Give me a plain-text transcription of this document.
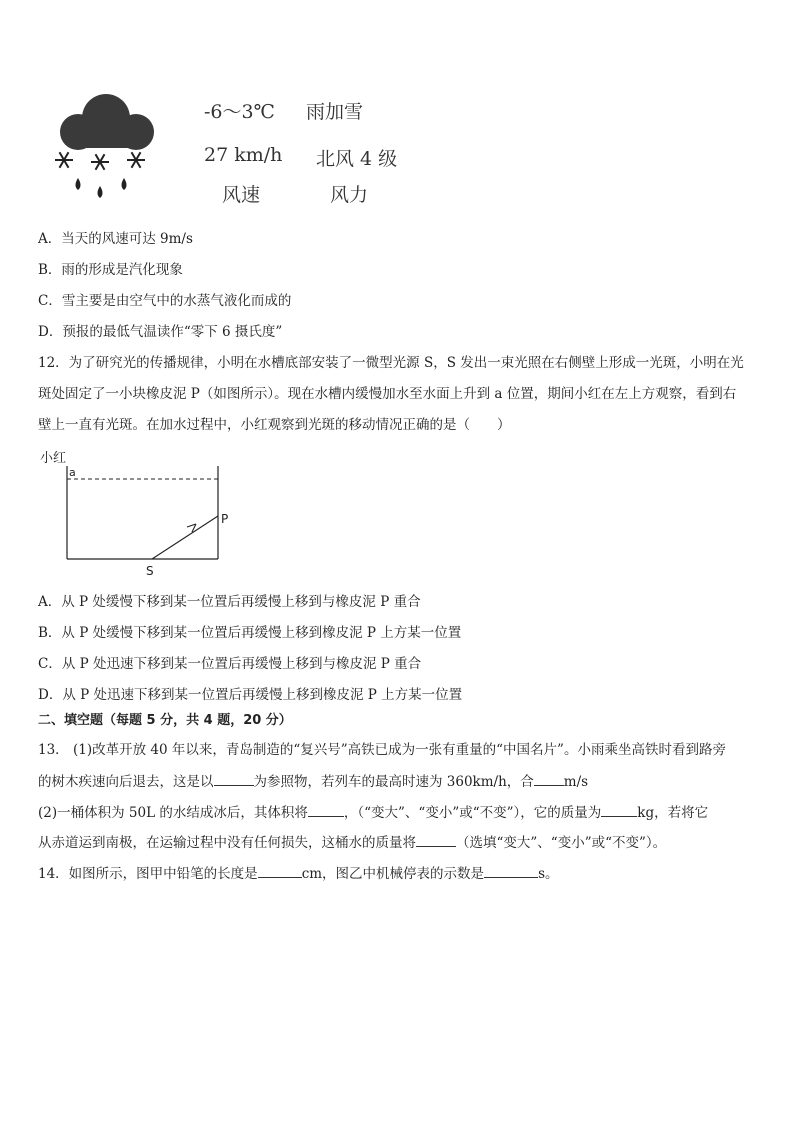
-6～3℃ 雨加雪
27 km/h 北风 4 级
风速	风力
A．当天的风速可达 9m/s
B．雨的形成是汽化现象
C．雪主要是由空气中的水蒸气液化而成的
D．预报的最低气温读作“零下 6 摄氏度”
12．为了研究光的传播规律，小明在水槽底部安装了一微型光源 S，S 发出一束光照在右侧壁上形成一光斑，小明在光
斑处固定了一小块橡皮泥 P（如图所示）。现在水槽内缓慢加水至水面上升到 a 位置，期间小红在左上方观察，看到右
壁上一直有光斑。在加水过程中，小红观察到光斑的移动情况正确的是（　　）
小红
a
P
S
A．从 P 处缓慢下移到某一位置后再缓慢上移到与橡皮泥 P 重合
B．从 P 处缓慢下移到某一位置后再缓慢上移到橡皮泥 P 上方某一位置
C．从 P 处迅速下移到某一位置后再缓慢上移到与橡皮泥 P 重合
D．从 P 处迅速下移到某一位置后再缓慢上移到橡皮泥 P 上方某一位置
二、填空题（每题 5 分，共 4 题，20 分）
13． (1)改革开放 40 年以来，青岛制造的“复兴号”高铁已成为一张有重量的“中国名片”。小雨乘坐高铁时看到路旁
的树木疾速向后退去，这是以	为参照物，若列车的最高时速为 360km/h，合 m/s
(2)一桶体积为 50L 的水结成冰后，其体积将	，（“变大”、“变小”或“不变”），它的质量为	kg，若将它
从赤道运到南极，在运输过程中没有任何损失，这桶水的质量将	（选填“变大”、“变小”或“不变”）。
14．如图所示，图甲中铅笔的长度是	cm，图乙中机械停表的示数是	s。
